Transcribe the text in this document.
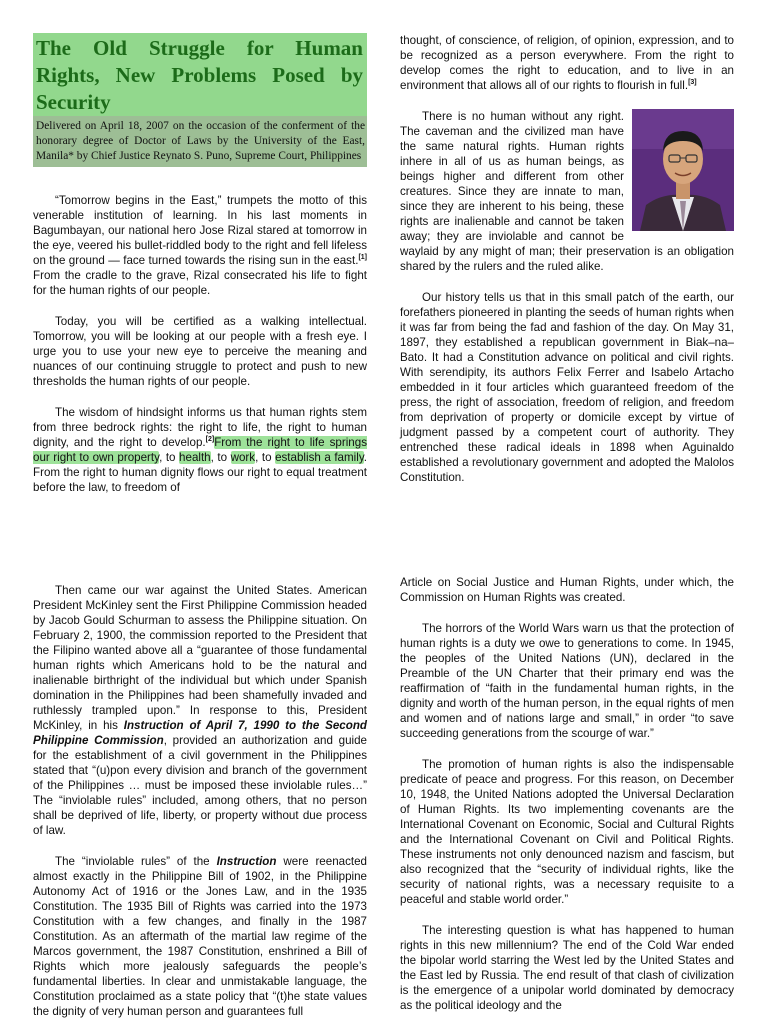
The Old Struggle for Human Rights, New Problems Posed by Security
Delivered on April 18, 2007 on the occasion of the conferment of the honorary degree of Doctor of Laws by the University of the East, Manila* by Chief Justice Reynato S. Puno, Supreme Court, Philippines

“Tomorrow begins in the East,” trumpets the motto of this venerable institution of learning. In his last moments in Bagumbayan, our national hero Jose Rizal stared at tomorrow in the eye, veered his bullet-riddled body to the right and fell lifeless on the ground — face turned towards the rising sun in the east.[1] From the cradle to the grave, Rizal consecrated his life to fight for the human rights of our people.

Today, you will be certified as a walking intellectual. Tomorrow, you will be looking at our people with a fresh eye. I urge you to use your new eye to perceive the meaning and nuances of our continuing struggle to protect and push to new thresholds the human rights of our people.

The wisdom of hindsight informs us that human rights stem from three bedrock rights: the right to life, the right to human dignity, and the right to develop.[2]From the right to life springs our right to own property, to health, to work, to establish a family. From the right to human dignity flows our right to equal treatment before the law, to freedom of

thought, of conscience, of religion, of opinion, expression, and to be recognized as a person everywhere. From the right to develop comes the right to education, and to live in an environment that allows all of our rights to flourish in full.[3]

There is no human without any right. The caveman and the civilized man have the same natural rights. Human rights inhere in all of us as human beings, as beings higher and different from other creatures. Since they are innate to man, since they are inherent to his being, these rights are inalienable and cannot be taken away; they are inviolable and cannot be waylaid by any might of man; their preservation is an obligation shared by the rulers and the ruled alike.

Our history tells us that in this small patch of the earth, our forefathers pioneered in planting the seeds of human rights when it was far from being the fad and fashion of the day. On May 31, 1897, they established a republican government in Biak–na–Bato. It had a Constitution advance on political and civil rights. With serendipity, its authors Felix Ferrer and Isabelo Artacho embedded in it four articles which guaranteed freedom of the press, the right of association, freedom of religion, and freedom from deprivation of property or domicile except by virtue of judgment passed by a competent court of authority. They entrenched these radical ideals in 1898 when Aguinaldo established a revolutionary government and adopted the Malolos Constitution.

Then came our war against the United States. American President McKinley sent the First Philippine Commission headed by Jacob Gould Schurman to assess the Philippine situation. On February 2, 1900, the commission reported to the President that the Filipino wanted above all a “guarantee of those fundamental human rights which Americans hold to be the natural and inalienable birthright of the individual but which under Spanish domination in the Philippines had been shamefully invaded and ruthlessly trampled upon.” In response to this, President McKinley, in his Instruction of April 7, 1990 to the Second Philippine Commission, provided an authorization and guide for the establishment of a civil government in the Philippines stated that “(u)pon every division and branch of the government of the Philippines … must be imposed these inviolable rules…” The “inviolable rules” included, among others, that no person shall be deprived of life, liberty, or property without due process of law.

The “inviolable rules” of the Instruction were reenacted almost exactly in the Philippine Bill of 1902, in the Philippine Autonomy Act of 1916 or the Jones Law, and in the 1935 Constitution. The 1935 Bill of Rights was carried into the 1973 Constitution with a few changes, and finally in the 1987 Constitution. As an aftermath of the martial law regime of the Marcos government, the 1987 Constitution, enshrined a Bill of Rights which more jealously safeguards the people’s fundamental liberties. In clear and unmistakable language, the Constitution proclaimed as a state policy that “(t)he state values the dignity of very human person and guarantees full

Article on Social Justice and Human Rights, under which, the Commission on Human Rights was created.

The horrors of the World Wars warn us that the protection of human rights is a duty we owe to generations to come. In 1945, the peoples of the United Nations (UN), declared in the Preamble of the UN Charter that their primary end was the reaffirmation of “faith in the fundamental human rights, in the dignity and worth of the human person, in the equal rights of men and women and of nations large and small,” in order “to save succeeding generations from the scourge of war.”

The promotion of human rights is also the indispensable predicate of peace and progress. For this reason, on December 10, 1948, the United Nations adopted the Universal Declaration of Human Rights. Its two implementing covenants are the International Covenant on Economic, Social and Cultural Rights and the International Covenant on Civil and Political Rights. These instruments not only denounced nazism and fascism, but also recognized that the “security of individual rights, like the security of national rights, was a necessary requisite to a peaceful and stable world order.”

The interesting question is what has happened to human rights in this new millennium? The end of the Cold War ended the bipolar world starring the West led by the United States and the East led by Russia. The end result of that clash of civilization is the emergence of a unipolar world dominated by democracy as the political ideology and the
